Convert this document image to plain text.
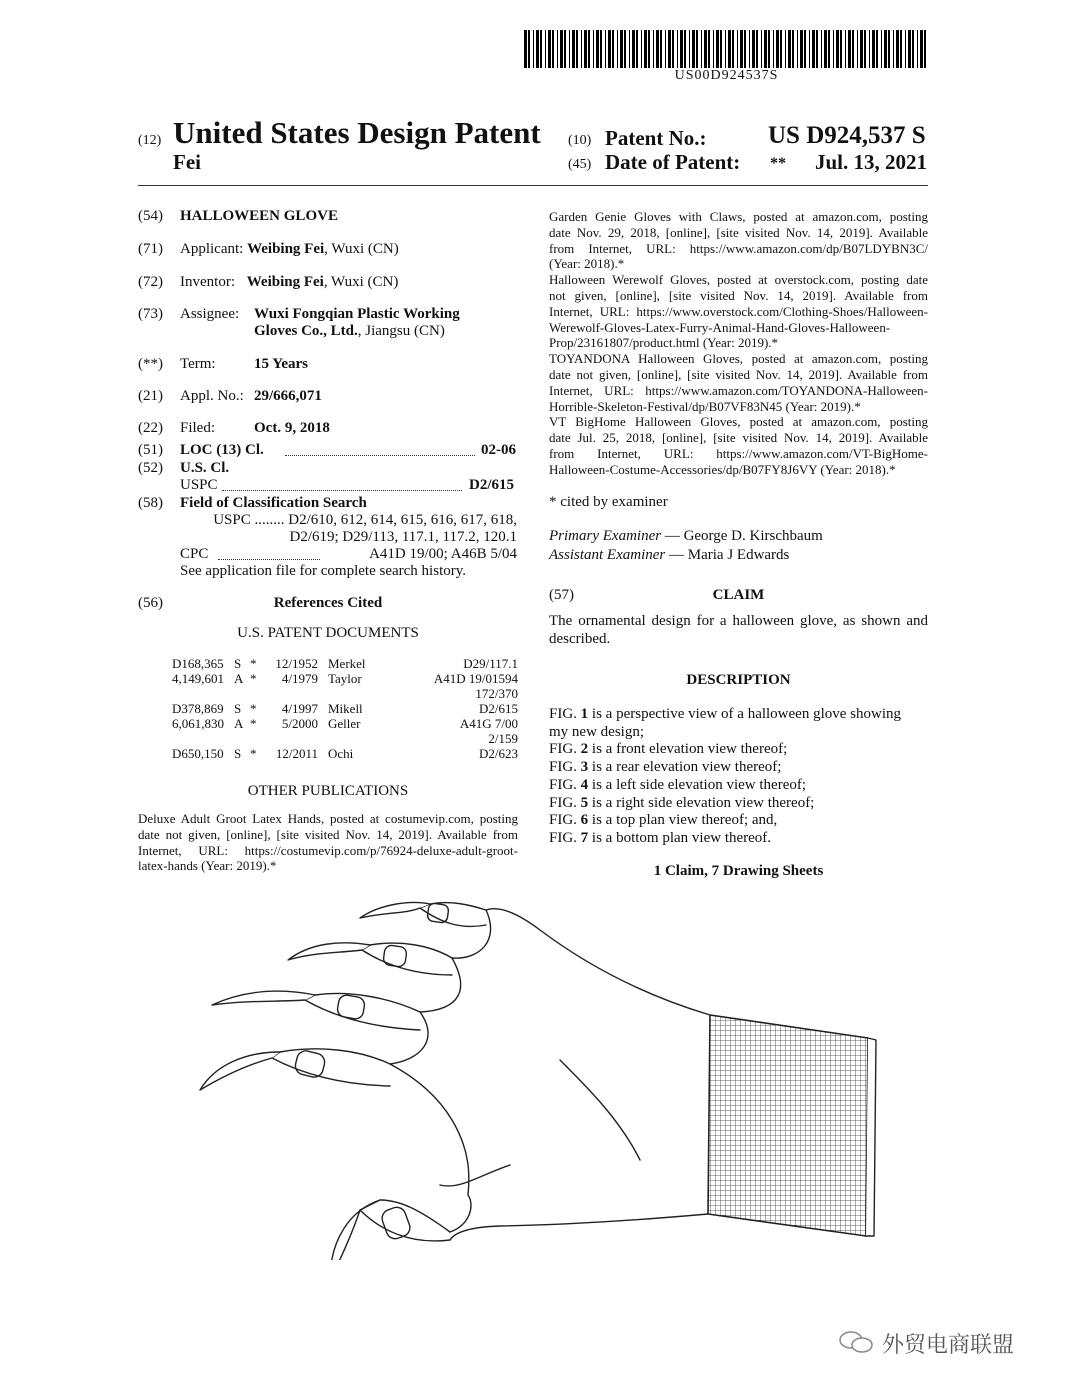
US00D924537S
(12) United States Design Patent
Fei
(10) Patent No.: US D924,537 S
(45) Date of Patent: ** Jul. 13, 2021
(54) HALLOWEEN GLOVE
(71) Applicant: Weibing Fei, Wuxi (CN)
(72) Inventor: Weibing Fei, Wuxi (CN)
(73) Assignee: Wuxi Fongqian Plastic Working
Gloves Co., Ltd., Jiangsu (CN)
(**) Term:	15 Years
(21) Appl. No.: 29/666,071
(22) Filed:	Oct. 9, 2018
(51) LOC (13) Cl.	02-06
(52) U.S. Cl.
USPC	D2/615
(58) Field of Classification Search
USPC ........ D2/610, 612, 614, 615, 616, 617, 618,
D2/619; D29/113, 117.1, 117.2, 120.1
CPC	A41D 19/00; A46B 5/04
See application file for complete search history.
(56)	References Cited
U.S. PATENT DOCUMENTS
D168,365	S	*	12/1952	Merkel	D29/117.1
4,149,601	A	*	4/1979	Taylor	A41D 19/01594
172/370					
D378,869	S	*	4/1997	Mikell	D2/615
6,061,830	A	*	5/2000	Geller	A41G 7/00
2/159					
D650,150	S	*	12/2011	Ochi	D2/623
OTHER PUBLICATIONS
Deluxe Adult Groot Latex Hands, posted at costumevip.com, posting date not given, [online], [site visited Nov. 14, 2019]. Available from Internet, URL: https://costumevip.com/p/76924-deluxe-adult-groot-latex-hands (Year: 2019).*
Garden Genie Gloves with Claws, posted at amazon.com, posting
date Nov. 29, 2018, [online], [site visited Nov. 14, 2019]. Available
from Internet, URL: https://www.amazon.com/dp/B07LDYBN3C/
(Year: 2018).*
Halloween Werewolf Gloves, posted at overstock.com, posting date
not given, [online], [site visited Nov. 14, 2019]. Available from
Internet, URL: https://www.overstock.com/Clothing-Shoes/Halloween-
Werewolf-Gloves-Latex-Furry-Animal-Hand-Gloves-Halloween-
Prop/23161807/product.html (Year: 2019).*
TOYANDONA Halloween Gloves, posted at amazon.com, posting
date not given, [online], [site visited Nov. 14, 2019]. Available from
Internet, URL: https://www.amazon.com/TOYANDONA-Halloween-
Horrible-Skeleton-Festival/dp/B07VF83N45 (Year: 2019).*
VT BigHome Halloween Gloves, posted at amazon.com, posting
date Jul. 25, 2018, [online], [site visited Nov. 14, 2019]. Available
from Internet, URL: https://www.amazon.com/VT-BigHome-
Halloween-Costume-Accessories/dp/B07FY8J6VY (Year: 2018).*
* cited by examiner
Primary Examiner — George D. Kirschbaum
Assistant Examiner — Maria J Edwards
(57)	CLAIM
The ornamental design for a halloween glove, as shown and described.
DESCRIPTION
FIG. 1 is a perspective view of a halloween glove showing
my new design;
FIG. 2 is a front elevation view thereof;
FIG. 3 is a rear elevation view thereof;
FIG. 4 is a left side elevation view thereof;
FIG. 5 is a right side elevation view thereof;
FIG. 6 is a top plan view thereof; and,
FIG. 7 is a bottom plan view thereof.
1 Claim, 7 Drawing Sheets
外贸电商联盟
